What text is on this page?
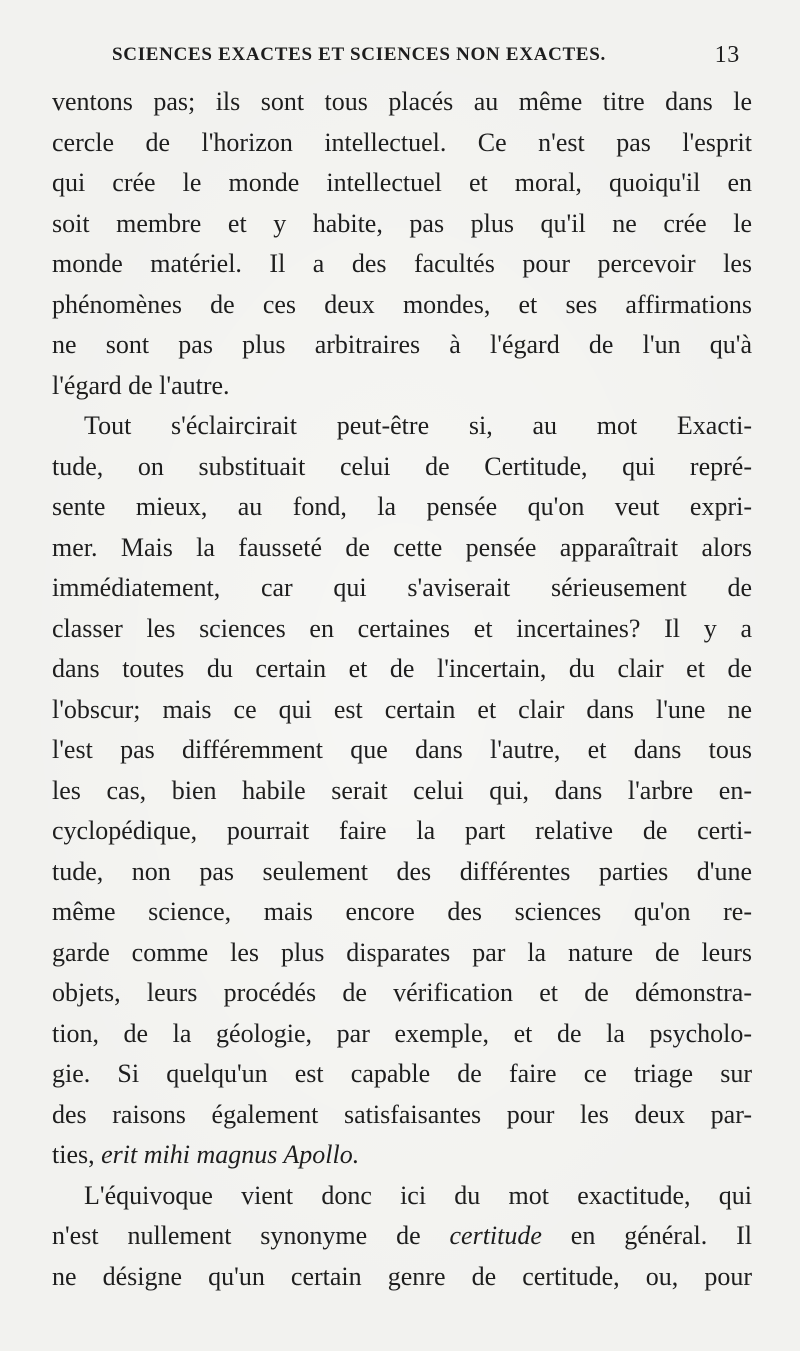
SCIENCES EXACTES ET SCIENCES NON EXACTES.	13
ventons pas; ils sont tous placés au même titre dans le
cercle de l'horizon intellectuel. Ce n'est pas l'esprit
qui crée le monde intellectuel et moral, quoiqu'il en
soit membre et y habite, pas plus qu'il ne crée le
monde matériel. Il a des facultés pour percevoir les
phénomènes de ces deux mondes, et ses affirmations
ne sont pas plus arbitraires à l'égard de l'un qu'à
l'égard de l'autre.
Tout s'éclaircirait peut-être si, au mot Exacti-
tude, on substituait celui de Certitude, qui repré-
sente mieux, au fond, la pensée qu'on veut expri-
mer. Mais la fausseté de cette pensée apparaîtrait alors
immédiatement, car qui s'aviserait sérieusement de
classer les sciences en certaines et incertaines? Il y a
dans toutes du certain et de l'incertain, du clair et de
l'obscur; mais ce qui est certain et clair dans l'une ne
l'est pas différemment que dans l'autre, et dans tous
les cas, bien habile serait celui qui, dans l'arbre en-
cyclopédique, pourrait faire la part relative de certi-
tude, non pas seulement des différentes parties d'une
même science, mais encore des sciences qu'on re-
garde comme les plus disparates par la nature de leurs
objets, leurs procédés de vérification et de démonstra-
tion, de la géologie, par exemple, et de la psycholo-
gie. Si quelqu'un est capable de faire ce triage sur
des raisons également satisfaisantes pour les deux par-
ties, erit mihi magnus Apollo.
L'équivoque vient donc ici du mot exactitude, qui
n'est nullement synonyme de certitude en général. Il
ne désigne qu'un certain genre de certitude, ou, pour
